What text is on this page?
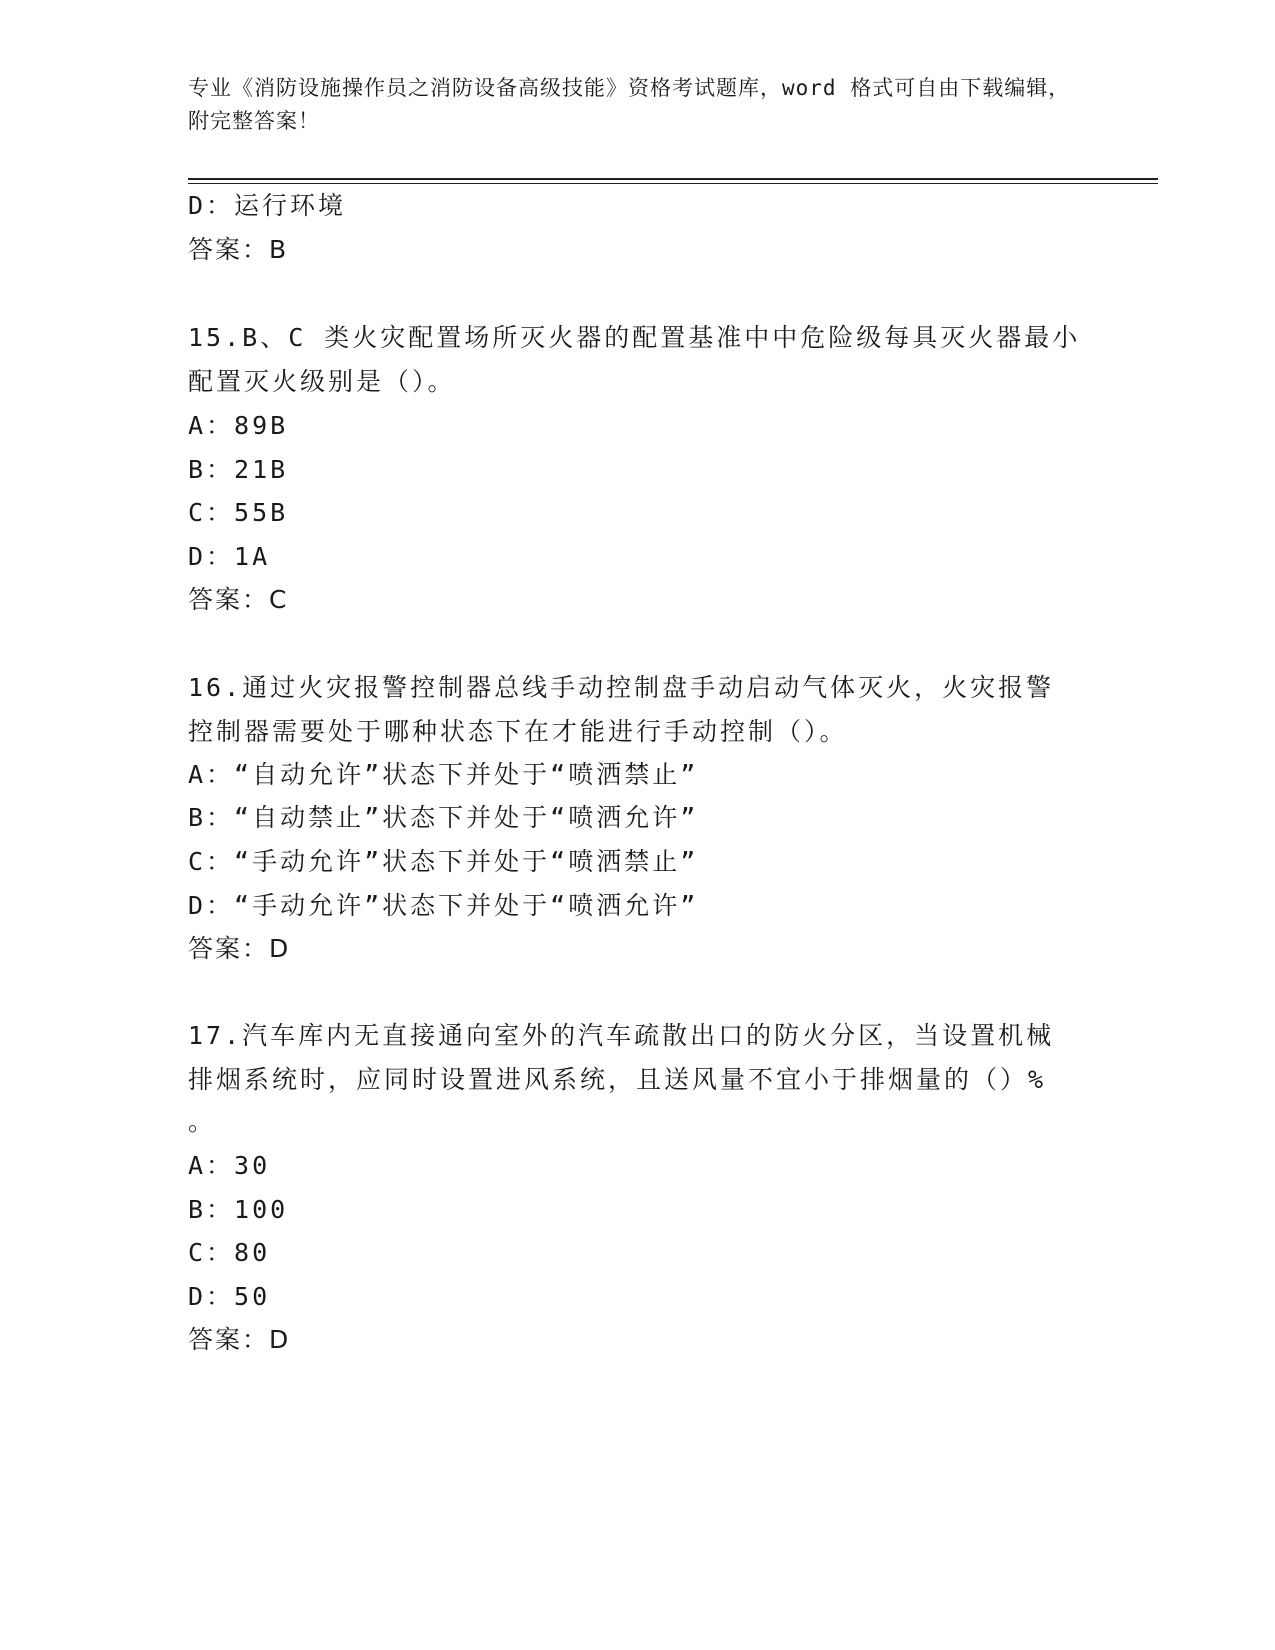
专业《消防设施操作员之消防设备高级技能》资格考试题库，word 格式可自由下载编辑，附完整答案！
D：运行环境
答案：B
15.B、C 类火灾配置场所灭火器的配置基准中中危险级每具灭火器最小
配置灭火级别是（）。
A：89B
B：21B
C：55B
D：1A
答案：C
16.通过火灾报警控制器总线手动控制盘手动启动气体灭火，火灾报警
控制器需要处于哪种状态下在才能进行手动控制（）。
A：“自动允许”状态下并处于“喷洒禁止”
B：“自动禁止”状态下并处于“喷洒允许”
C：“手动允许”状态下并处于“喷洒禁止”
D：“手动允许”状态下并处于“喷洒允许”
答案：D
17.汽车库内无直接通向室外的汽车疏散出口的防火分区，当设置机械
排烟系统时，应同时设置进风系统，且送风量不宜小于排烟量的（）%
。
A：30
B：100
C：80
D：50
答案：D
